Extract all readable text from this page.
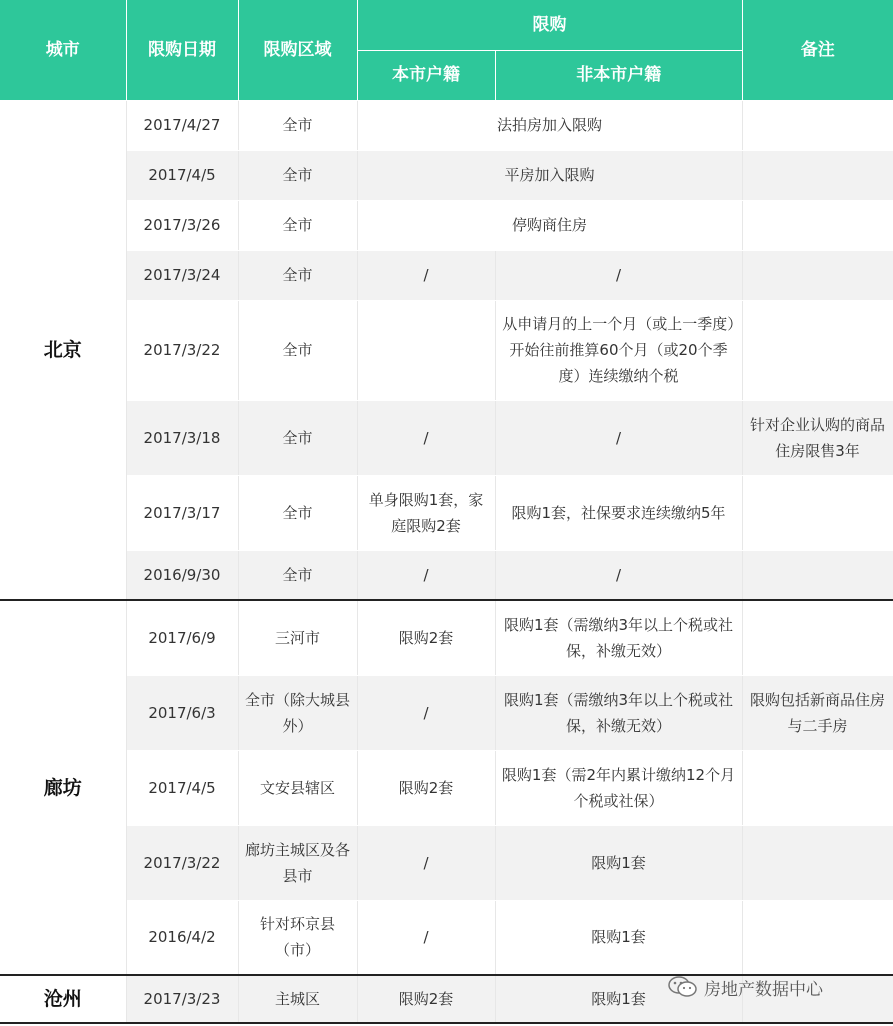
城市	限购日期	限购区域	限购		备注
			本市户籍	非本市户籍	
北京	2017/4/27	全市	法拍房加入限购		
	2017/4/5	全市	平房加入限购		
	2017/3/26	全市	停购商住房		
	2017/3/24	全市	/	/	
	2017/3/22	全市		从申请月的上一个月（或上一季度）开始往前推算60个月（或20个季度）连续缴纳个税	
	2017/3/18	全市	/	/	针对企业认购的商品住房限售3年
	2017/3/17	全市	单身限购1套，家庭限购2套	限购1套，社保要求连续缴纳5年	
	2016/9/30	全市	/	/	
廊坊	2017/6/9	三河市	限购2套	限购1套（需缴纳3年以上个税或社保，补缴无效）	
	2017/6/3	全市（除大城县外）	/	限购1套（需缴纳3年以上个税或社保，补缴无效）	限购包括新商品住房与二手房
	2017/4/5	文安县辖区	限购2套	限购1套（需2年内累计缴纳12个月个税或社保）	
	2017/3/22	廊坊主城区及各县市	/	限购1套	
	2016/4/2	针对环京县（市）	/	限购1套	
沧州	2017/3/23	主城区	限购2套	限购1套		房地产数据中心
